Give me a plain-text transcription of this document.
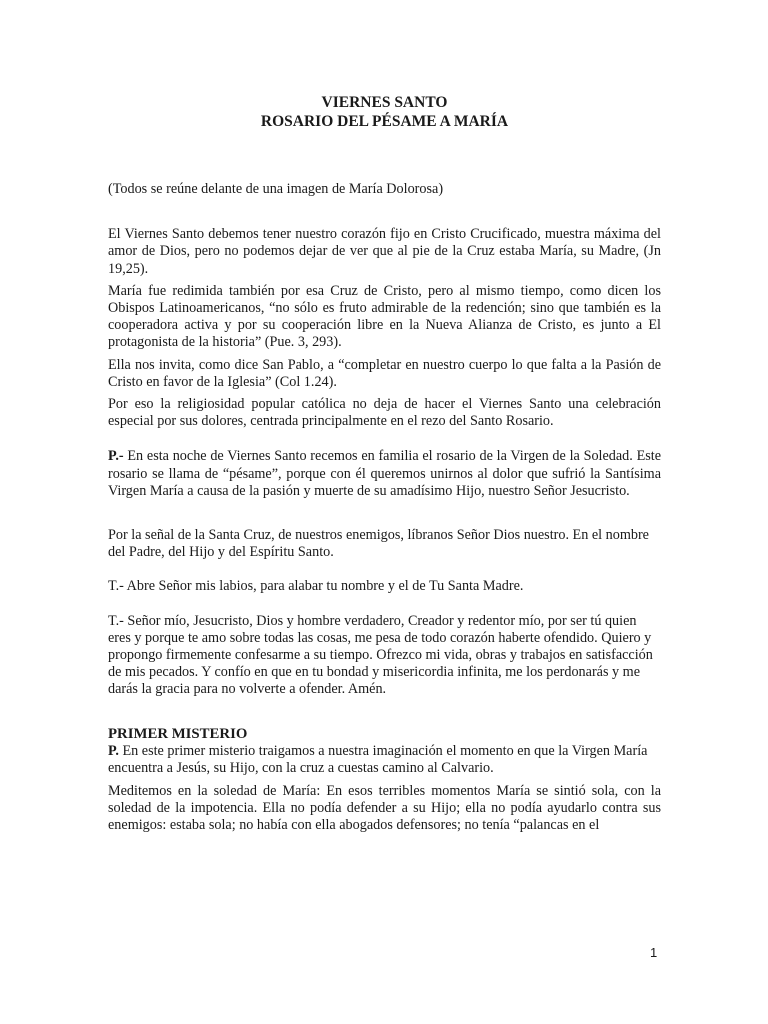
VIERNES SANTO
ROSARIO DEL PÉSAME A MARÍA

(Todos se reúne delante de una imagen de María Dolorosa)

El Viernes Santo debemos tener nuestro corazón fijo en Cristo Crucificado, muestra máxima del amor de Dios, pero no podemos dejar de ver que al pie de la Cruz estaba María, su Madre, (Jn 19,25).

María fue redimida también por esa Cruz de Cristo, pero al mismo tiempo, como dicen los Obispos Latinoamericanos, “no sólo es fruto admirable de la redención; sino que también es la cooperadora activa y por su cooperación libre en la Nueva Alianza de Cristo, es junto a El protagonista de la historia” (Pue. 3, 293).

Ella nos invita, como dice San Pablo, a “completar en nuestro cuerpo lo que falta a la Pasión de Cristo en favor de la Iglesia” (Col 1.24).

Por eso la religiosidad popular católica no deja de hacer el Viernes Santo una celebración especial por sus dolores, centrada principalmente en el rezo del Santo Rosario.

P.- En esta noche de Viernes Santo recemos en familia el rosario de la Virgen de la Soledad. Este rosario se llama de “pésame”, porque con él queremos unirnos al dolor que sufrió la Santísima Virgen María a causa de la pasión y muerte de su amadísimo Hijo, nuestro Señor Jesucristo.

Por la señal de la Santa Cruz, de nuestros enemigos, líbranos Señor Dios nuestro. En el nombre del Padre, del Hijo y del Espíritu Santo.

T.- Abre Señor mis labios, para alabar tu nombre y el de Tu Santa Madre.

T.- Señor mío, Jesucristo, Dios y hombre verdadero, Creador y redentor mío, por ser tú quien eres y porque te amo sobre todas las cosas, me pesa de todo corazón haberte ofendido. Quiero y propongo firmemente confesarme a su tiempo. Ofrezco mi vida, obras y trabajos en satisfacción de mis pecados. Y confío en que en tu bondad y misericordia infinita, me los perdonarás y me darás la gracia para no volverte a ofender. Amén.

PRIMER MISTERIO

P. En este primer misterio traigamos a nuestra imaginación el momento en que la Virgen María encuentra a Jesús, su Hijo, con la cruz a cuestas camino al Calvario.

Meditemos en la soledad de María: En esos terribles momentos María se sintió sola, con la soledad de la impotencia. Ella no podía defender a su Hijo; ella no podía ayudarlo contra sus enemigos: estaba sola; no había con ella abogados defensores; no tenía “palancas en el

1
